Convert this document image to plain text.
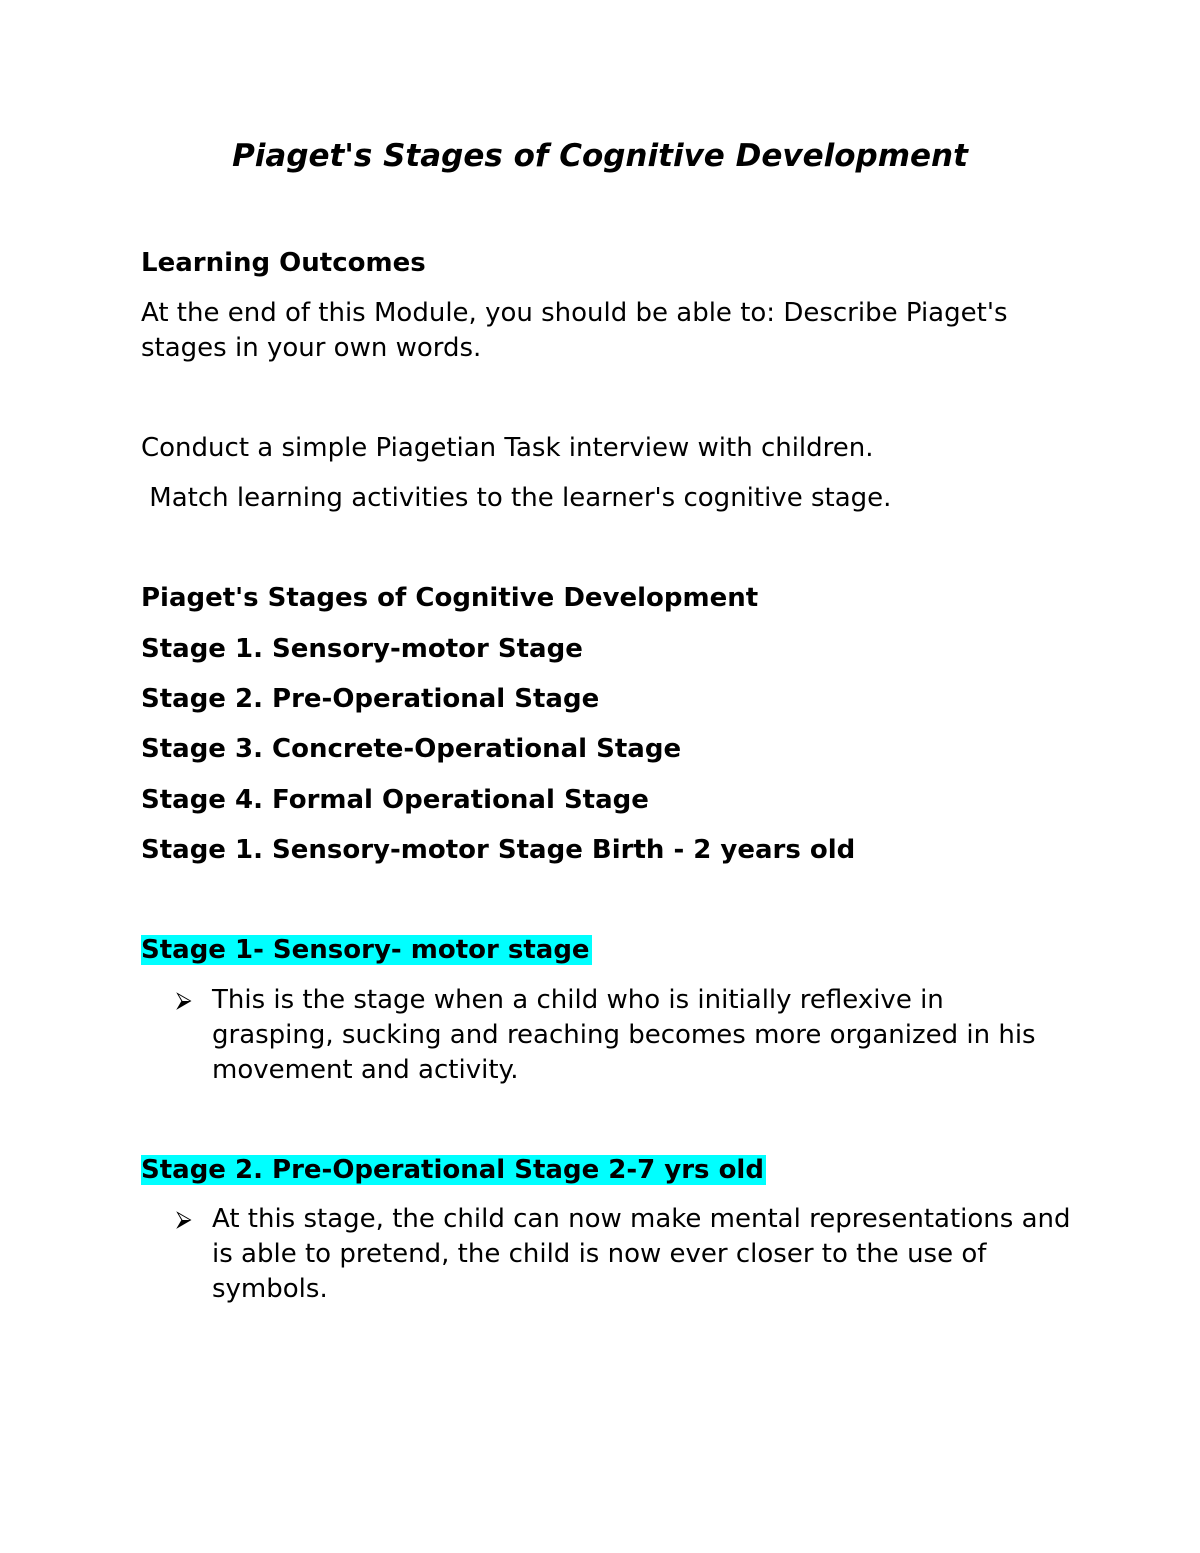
Piaget's Stages of Cognitive Development

Learning Outcomes

At the end of this Module, you should be able to: Describe Piaget's stages in your own words.

Conduct a simple Piagetian Task interview with children.

Match learning activities to the learner's cognitive stage.

Piaget's Stages of Cognitive Development

Stage 1. Sensory-motor Stage

Stage 2. Pre-Operational Stage

Stage 3. Concrete-Operational Stage

Stage 4. Formal Operational Stage

Stage 1. Sensory-motor Stage Birth - 2 years old

Stage 1- Sensory- motor stage

⮚ This is the stage when a child who is initially reflexive in grasping, sucking and reaching becomes more organized in his movement and activity.

Stage 2. Pre-Operational Stage 2-7 yrs old

⮚ At this stage, the child can now make mental representations and is able to pretend, the child is now ever closer to the use of symbols.
